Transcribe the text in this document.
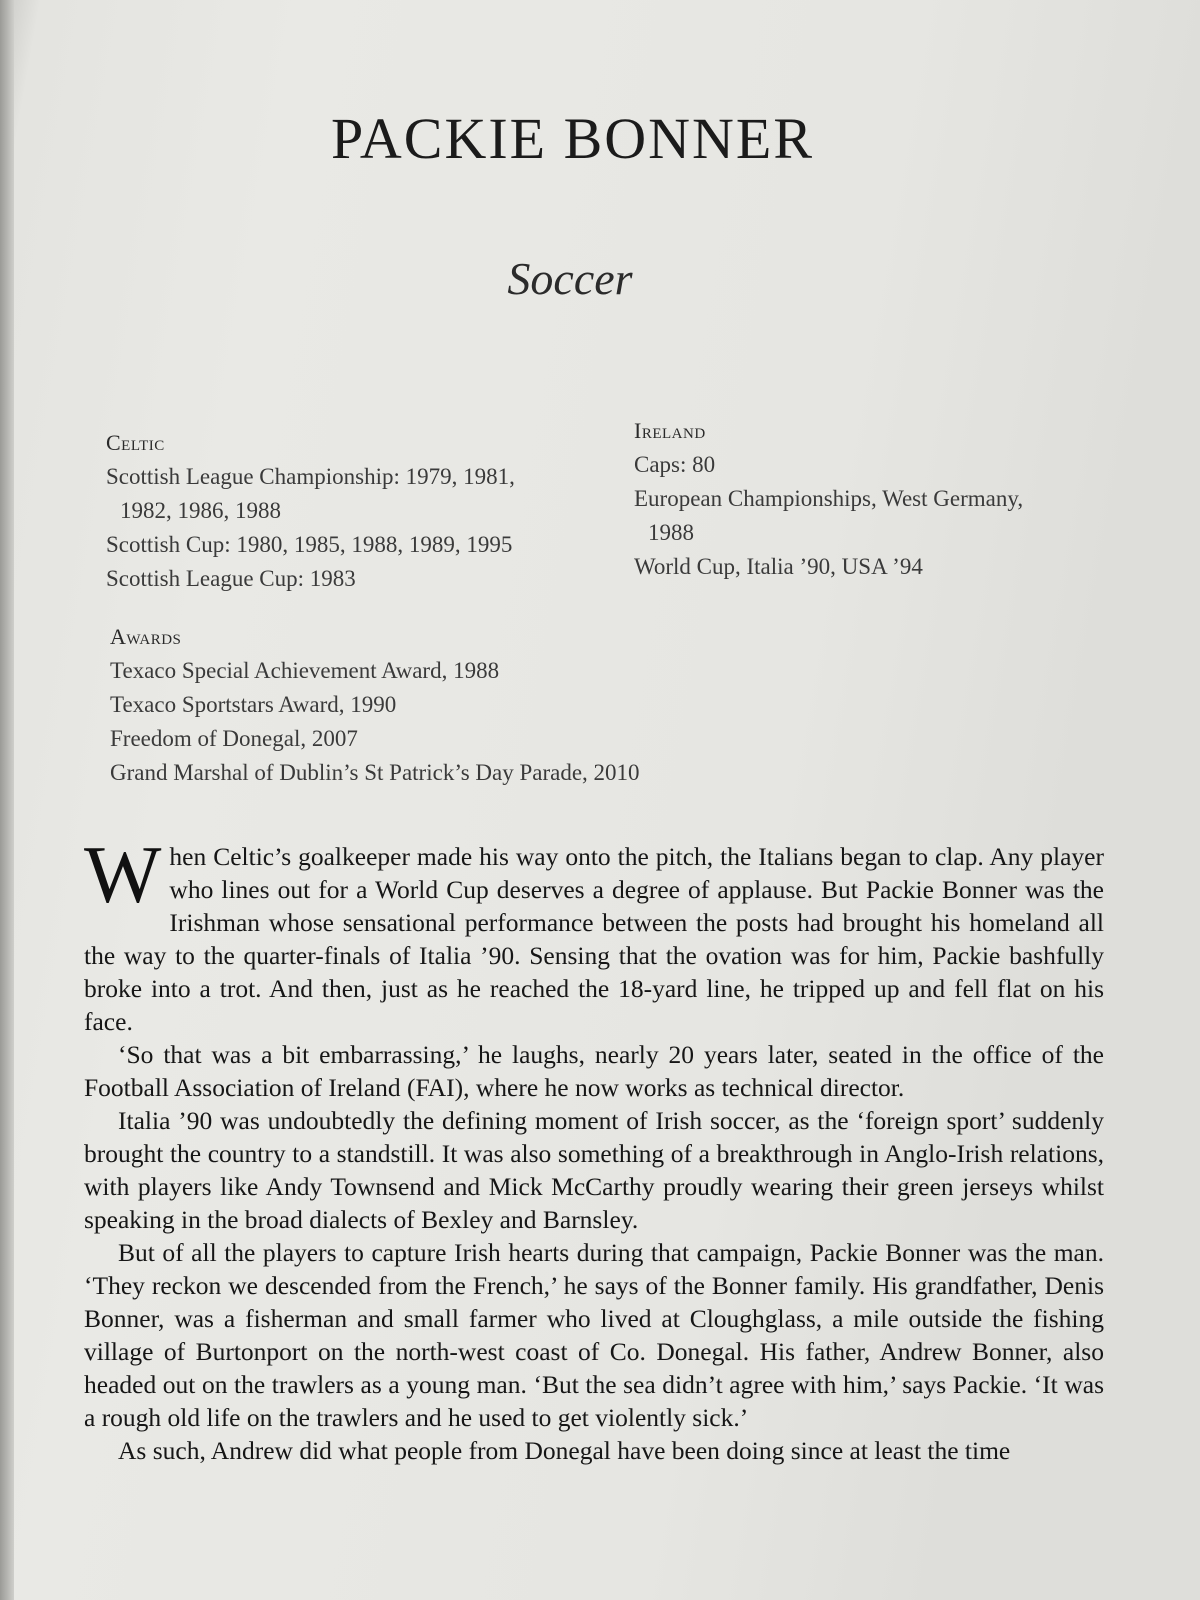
PACKIE BONNER
Soccer
Celtic
Scottish League Championship: 1979, 1981,
1982, 1986, 1988
Scottish Cup: 1980, 1985, 1988, 1989, 1995
Scottish League Cup: 1983
Ireland
Caps: 80
European Championships, West Germany,
1988
World Cup, Italia ’90, USA ’94
Awards
Texaco Special Achievement Award, 1988
Texaco Sportstars Award, 1990
Freedom of Donegal, 2007
Grand Marshal of Dublin’s St Patrick’s Day Parade, 2010

When Celtic’s goalkeeper made his way onto the pitch, the Italians began to clap. Any player who lines out for a World Cup deserves a degree of applause. But Packie Bonner was the Irishman whose sensational performance between the posts had brought his homeland all the way to the quarter-finals of Italia ’90. Sensing that the ovation was for him, Packie bashfully broke into a trot. And then, just as he reached the 18-yard line, he tripped up and fell flat on his face.

‘So that was a bit embarrassing,’ he laughs, nearly 20 years later, seated in the office of the Football Association of Ireland (FAI), where he now works as technical director.

Italia ’90 was undoubtedly the defining moment of Irish soccer, as the ‘foreign sport’ suddenly brought the country to a standstill. It was also something of a breakthrough in Anglo-Irish relations, with players like Andy Townsend and Mick McCarthy proudly wearing their green jerseys whilst speaking in the broad dialects of Bexley and Barnsley.

But of all the players to capture Irish hearts during that campaign, Packie Bonner was the man. ‘They reckon we descended from the French,’ he says of the Bonner family. His grandfather, Denis Bonner, was a fisherman and small farmer who lived at Cloughglass, a mile outside the fishing village of Burtonport on the north-west coast of Co. Donegal. His father, Andrew Bonner, also headed out on the trawlers as a young man. ‘But the sea didn’t agree with him,’ says Packie. ‘It was a rough old life on the trawlers and he used to get violently sick.’

As such, Andrew did what people from Donegal have been doing since at least the time
